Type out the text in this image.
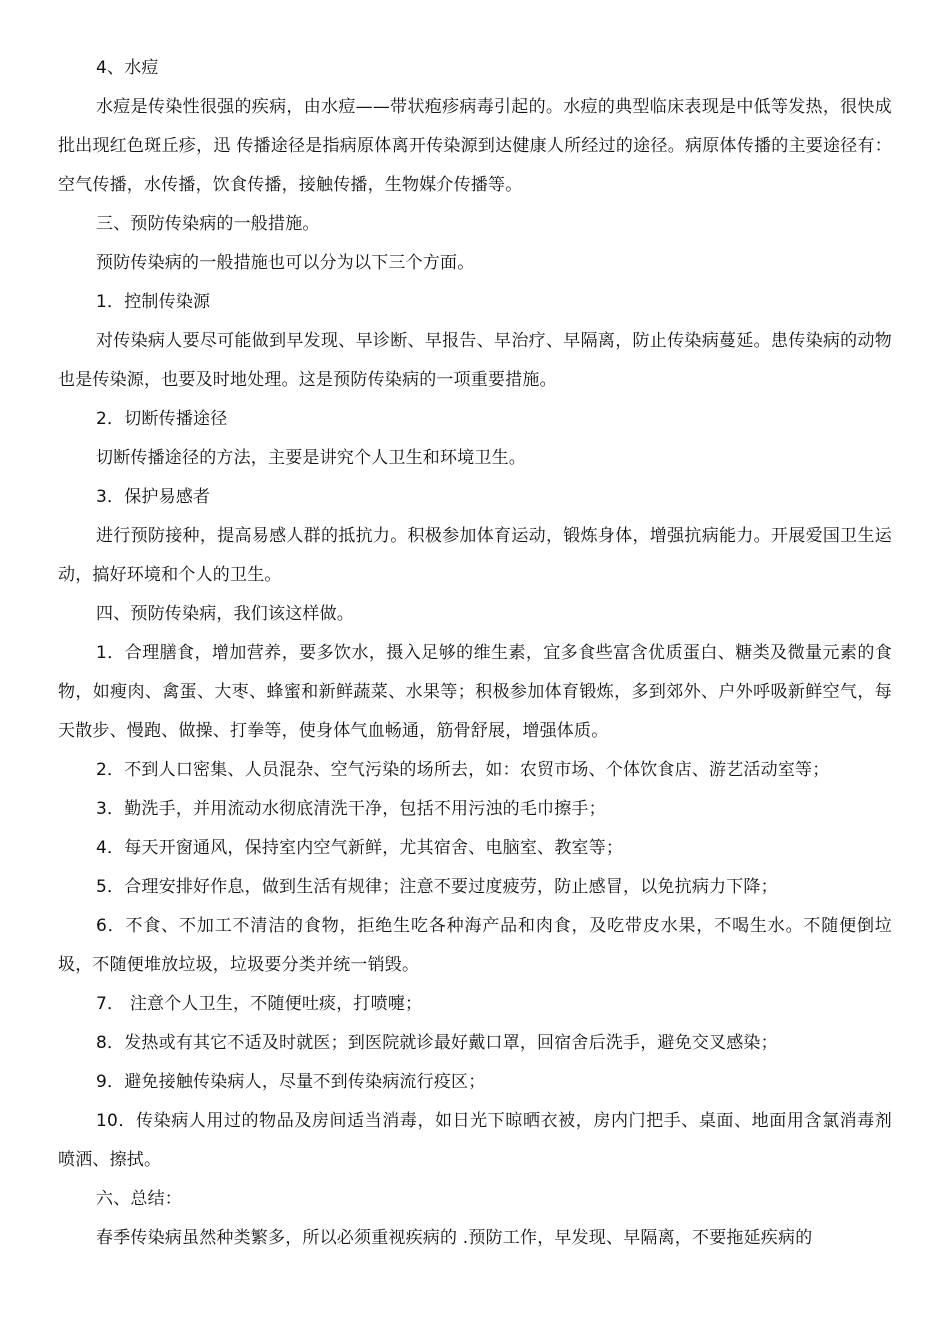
4、水痘

水痘是传染性很强的疾病，由水痘——带状疱疹病毒引起的。水痘的典型临床表现是中低等发热，很快成批出现红色斑丘疹，迅 传播途径是指病原体离开传染源到达健康人所经过的途径。病原体传播的主要途径有：空气传播，水传播，饮食传播，接触传播，生物媒介传播等。

三、预防传染病的一般措施。

预防传染病的一般措施也可以分为以下三个方面。

1．控制传染源

对传染病人要尽可能做到早发现、早诊断、早报告、早治疗、早隔离，防止传染病蔓延。患传染病的动物也是传染源，也要及时地处理。这是预防传染病的一项重要措施。

2．切断传播途径

切断传播途径的方法，主要是讲究个人卫生和环境卫生。

3．保护易感者

进行预防接种，提高易感人群的抵抗力。积极参加体育运动，锻炼身体，增强抗病能力。开展爱国卫生运动，搞好环境和个人的卫生。

四、预防传染病，我们该这样做。

1．合理膳食，增加营养，要多饮水，摄入足够的维生素，宜多食些富含优质蛋白、糖类及微量元素的食物，如瘦肉、禽蛋、大枣、蜂蜜和新鲜蔬菜、水果等；积极参加体育锻炼，多到郊外、户外呼吸新鲜空气，每天散步、慢跑、做操、打拳等，使身体气血畅通，筋骨舒展，增强体质。

2．不到人口密集、人员混杂、空气污染的场所去，如：农贸市场、个体饮食店、游艺活动室等；

3．勤洗手，并用流动水彻底清洗干净，包括不用污浊的毛巾擦手；

4．每天开窗通风，保持室内空气新鲜，尤其宿舍、电脑室、教室等；

5．合理安排好作息，做到生活有规律；注意不要过度疲劳，防止感冒，以免抗病力下降；

6．不食、不加工不清洁的食物，拒绝生吃各种海产品和肉食，及吃带皮水果，不喝生水。不随便倒垃圾，不随便堆放垃圾，垃圾要分类并统一销毁。

7． 注意个人卫生，不随便吐痰，打喷嚏；

8．发热或有其它不适及时就医；到医院就诊最好戴口罩，回宿舍后洗手，避免交叉感染；

9．避免接触传染病人，尽量不到传染病流行疫区；

10．传染病人用过的物品及房间适当消毒，如日光下晾晒衣被，房内门把手、桌面、地面用含氯消毒剂喷洒、擦拭。

六、总结：

春季传染病虽然种类繁多，所以必须重视疾病的 .预防工作，早发现、早隔离，不要拖延疾病的
